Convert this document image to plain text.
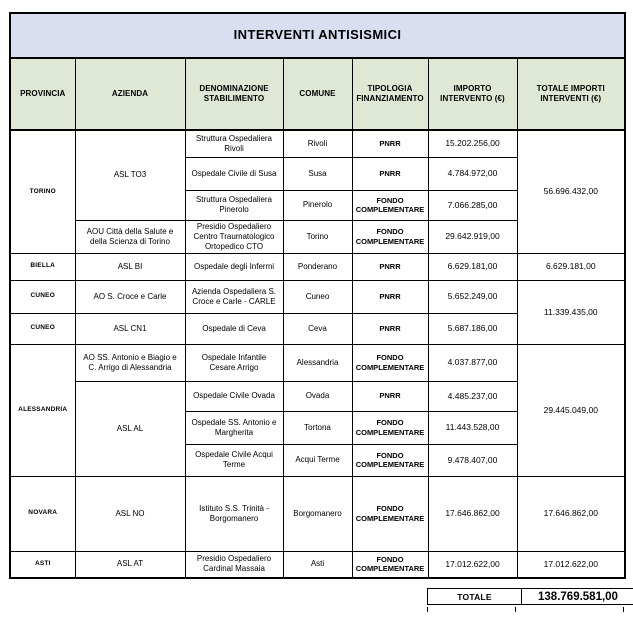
INTERVENTI ANTISISMICI						
PROVINCIA	AZIENDA	DENOMINAZIONE STABILIMENTO	COMUNE	TIPOLOGIA FINANZIAMENTO	IMPORTO INTERVENTO (€)	TOTALE IMPORTI INTERVENTI (€)
TORINO	ASL TO3	Struttura Ospedaliera Rivoli	Rivoli	PNRR	15.202.256,00	56.696.432,00
		Ospedale Civile di Susa	Susa	PNRR	4.784.972,00	
		Struttura Ospedaliera Pinerolo	Pinerolo	FONDO COMPLEMENTARE	7.066.285,00	
	AOU Città della Salute e della Scienza di Torino	Presidio Ospedaliero Centro Traumatologico Ortopedico CTO	Torino	FONDO COMPLEMENTARE	29.642.919,00	
BIELLA	ASL BI	Ospedale degli Infermi	Ponderano	PNRR	6.629.181,00	6.629.181,00
CUNEO	AO S. Croce e Carle	Azienda Ospedaliera S. Croce e Carle - CARLE	Cuneo	PNRR	5.652.249,00	11.339.435,00
CUNEO	ASL CN1	Ospedale di Ceva	Ceva	PNRR	5.687.186,00	
ALESSANDRIA	AO SS. Antonio e Biagio e C. Arrigo di Alessandria	Ospedale Infantile Cesare Arrigo	Alessandria	FONDO COMPLEMENTARE	4.037.877,00	29.445.049,00
	ASL AL	Ospedale Civile Ovada	Ovada	PNRR	4.485.237,00	
		Ospedale SS. Antonio e Margherita	Tortona	FONDO COMPLEMENTARE	11.443.528,00	
		Ospedale Civile Acqui Terme	Acqui Terme	FONDO COMPLEMENTARE	9.478.407,00	
NOVARA	ASL NO	Istituto S.S. Trinità - Borgomanero	Borgomanero	FONDO COMPLEMENTARE	17.646.862,00	17.646.862,00
ASTI	ASL AT	Presidio Ospedaliero Cardinal Massaia	Asti	FONDO COMPLEMENTARE	17.012.622,00	17.012.622,00
TOTALE	138.769.581,00
